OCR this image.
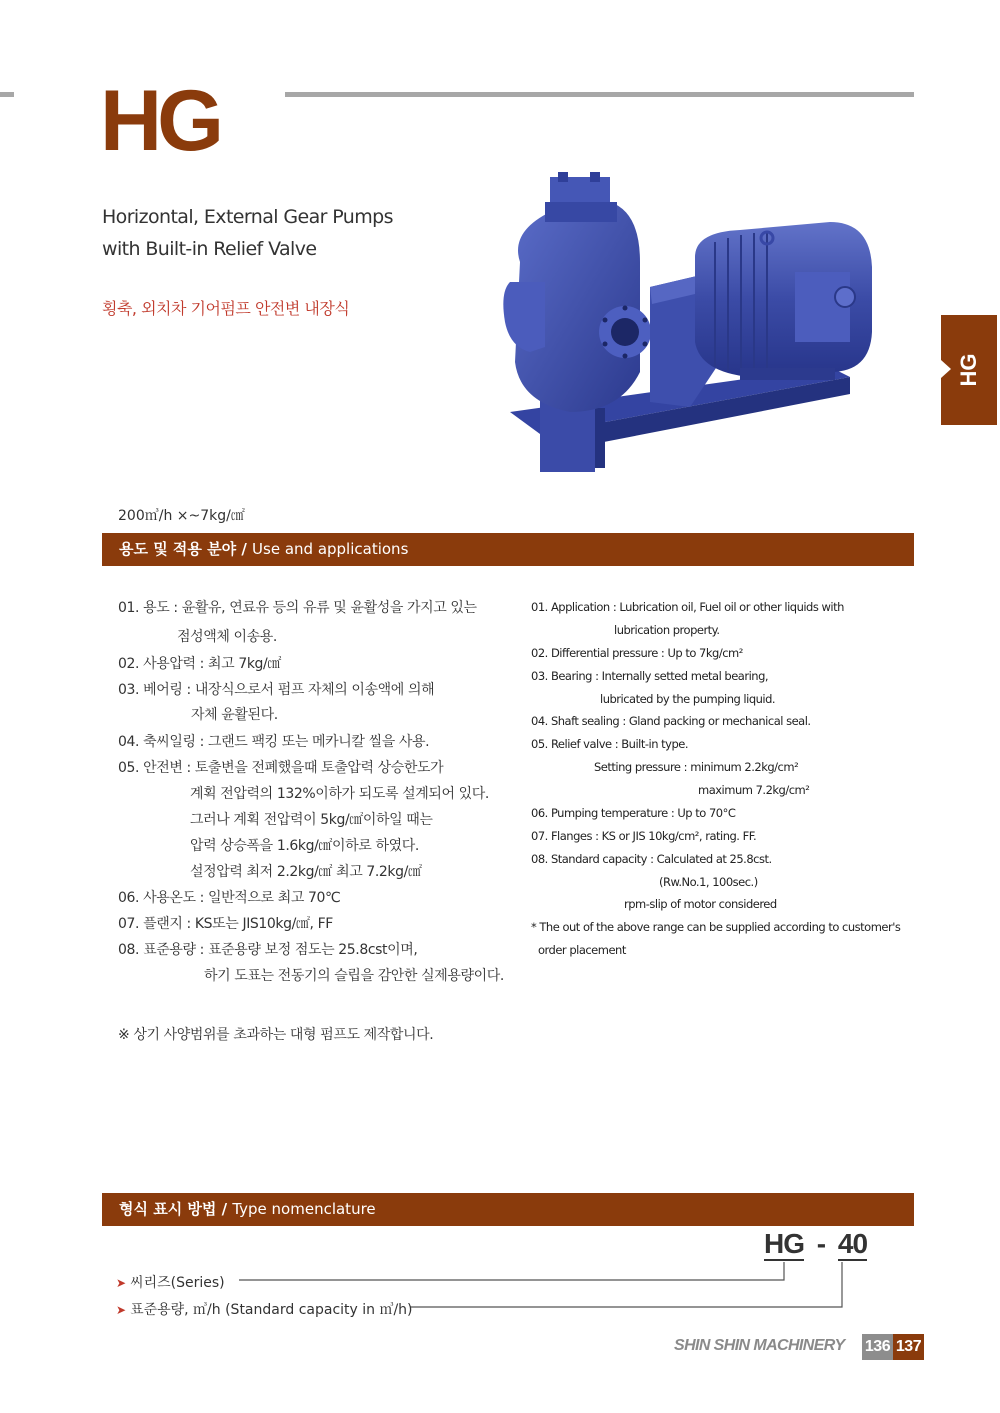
HG
Horizontal, External Gear Pumps
with Built-in Relief Valve
횡축, 외치차 기어펌프 안전변 내장식
HG
200㎥/h ×~7kg/㎠
용도 및 적용 분야 / Use and applications
01. 용도 : 윤활유, 연료유 등의 유류 및 윤활성을 가지고 있는
점성액체 이송용.
02. 사용압력 : 최고 7kg/㎠
03. 베어링 : 내장식으로서 펌프 자체의 이송액에 의해
자체 윤활된다.
04. 축씨일링 : 그랜드 팩킹 또는 메카니칼 씰을 사용.
05. 안전변 : 토출변을 전폐했을때 토출압력 상승한도가
계획 전압력의 132%이하가 되도록 설계되어 있다.
그러나 계획 전압력이 5kg/㎠이하일 때는
압력 상승폭을 1.6kg/㎠이하로 하였다.
설정압력 최저 2.2kg/㎠ 최고 7.2kg/㎠
06. 사용온도 : 일반적으로 최고 70℃
07. 플랜지 : KS또는 JIS10kg/㎠, FF
08. 표준용량 : 표준용량 보정 점도는 25.8cst이며,
하기 도표는 전동기의 슬립을 감안한 실제용량이다.
01. Application : Lubrication oil, Fuel oil or other liquids with
lubrication property.
02. Differential pressure : Up to 7kg/cm²
03. Bearing : Internally setted metal bearing,
lubricated by the pumping liquid.
04. Shaft sealing : Gland packing or mechanical seal.
05. Relief valve : Built-in type.
Setting pressure : minimum 2.2kg/cm²
maximum 7.2kg/cm²
06. Pumping temperature : Up to 70°C
07. Flanges : KS or JIS 10kg/cm², rating. FF.
08. Standard capacity : Calculated at 25.8cst.
(Rw.No.1, 100sec.)
rpm-slip of motor considered
* The out of the above range can be supplied according to customer's
order placement
※ 상기 사양범위를 초과하는 대형 펌프도 제작합니다.
형식 표시 방법 / Type nomenclature
HG - 40
➤ 씨리즈(Series)
➤ 표준용량, ㎥/h (Standard capacity in ㎥/h)
SHIN SHIN MACHINERY 136 137
